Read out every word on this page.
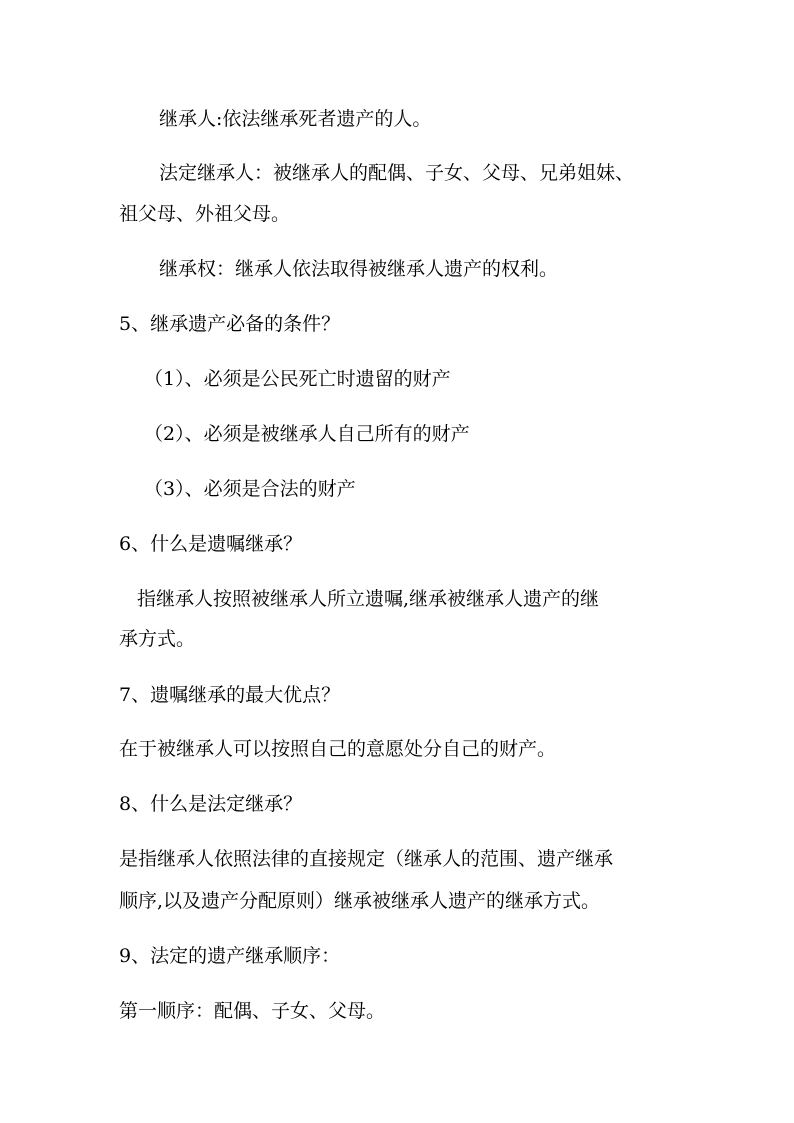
继承人:依法继承死者遗产的人。
法定继承人：被继承人的配偶、子女、父母、兄弟姐妹、
祖父母、外祖父母。
继承权：继承人依法取得被继承人遗产的权利。
5、继承遗产必备的条件？
（1）、必须是公民死亡时遗留的财产
（2）、必须是被继承人自己所有的财产
（3）、必须是合法的财产
6、什么是遗嘱继承？
指继承人按照被继承人所立遗嘱,继承被继承人遗产的继
承方式。
7、遗嘱继承的最大优点？
在于被继承人可以按照自己的意愿处分自己的财产。
8、什么是法定继承？
是指继承人依照法律的直接规定（继承人的范围、遗产继承
顺序,以及遗产分配原则）继承被继承人遗产的继承方式。
9、法定的遗产继承顺序：
第一顺序：配偶、子女、父母。
